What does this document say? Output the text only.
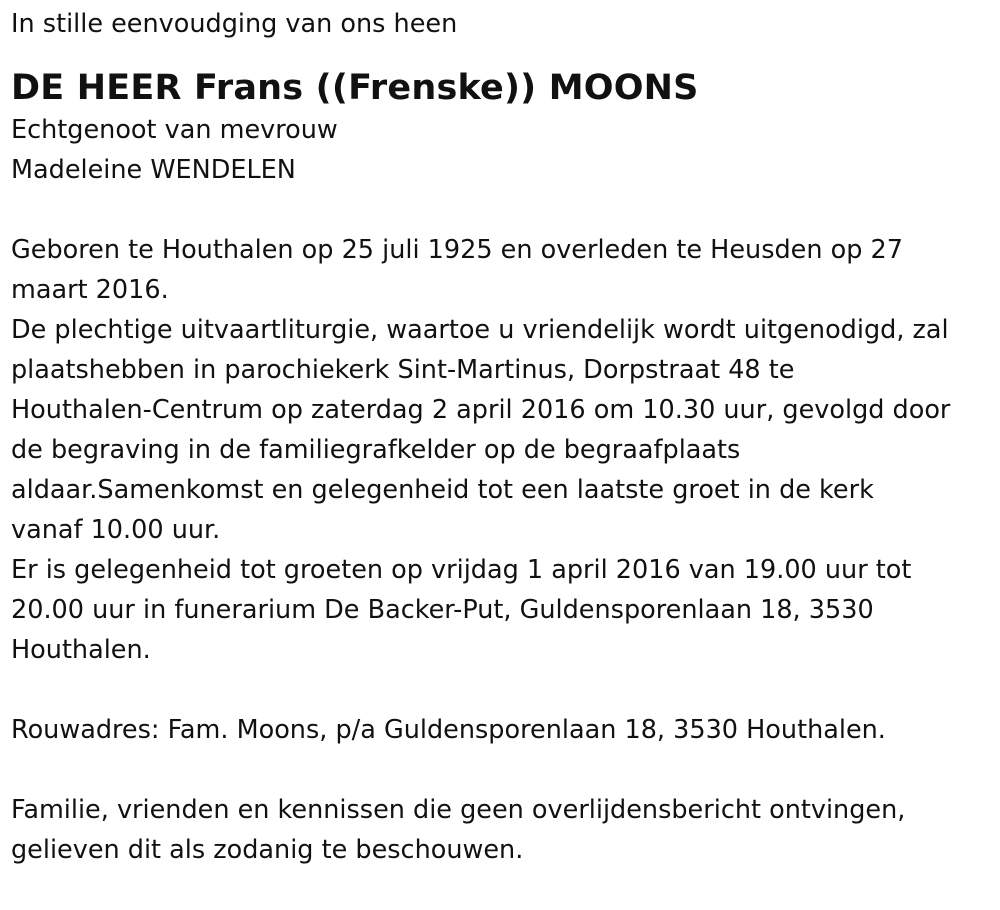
In stille eenvoudging van ons heen

DE HEER Frans ((Frenske)) MOONS

Echtgenoot van mevrouw

Madeleine WENDELEN

Geboren te Houthalen op 25 juli 1925 en overleden te Heusden op 27

maart 2016.

De plechtige uitvaartliturgie, waartoe u vriendelijk wordt uitgenodigd, zal

plaatshebben in parochiekerk Sint-Martinus, Dorpstraat 48 te

Houthalen-Centrum op zaterdag 2 april 2016 om 10.30 uur, gevolgd door

de begraving in de familiegrafkelder op de begraafplaats

aldaar.Samenkomst en gelegenheid tot een laatste groet in de kerk

vanaf 10.00 uur.

Er is gelegenheid tot groeten op vrijdag 1 april 2016 van 19.00 uur tot

20.00 uur in funerarium De Backer-Put, Guldensporenlaan 18, 3530

Houthalen.

Rouwadres: Fam. Moons, p/a Guldensporenlaan 18, 3530 Houthalen.

Familie, vrienden en kennissen die geen overlijdensbericht ontvingen,

gelieven dit als zodanig te beschouwen.
